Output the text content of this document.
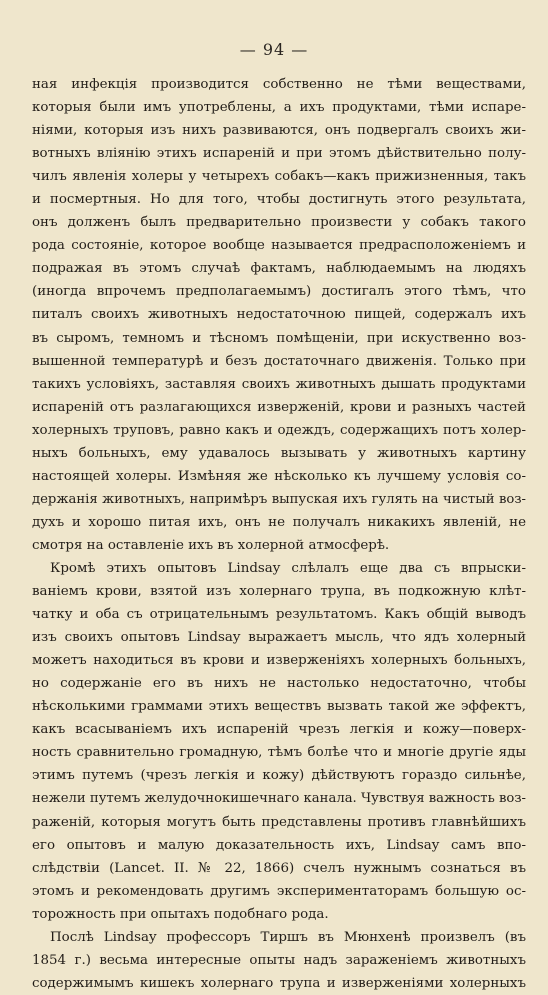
— 94 —
ная инфекція производится собственно не тѣми веществами,
которыя были имъ употреблены, а ихъ продуктами, тѣми испаре-
ніями, которыя изъ нихъ развиваются, онъ подвергалъ своихъ жи-
вотныхъ вліянію этихъ испареній и при этомъ дѣйствительно полу-
чилъ явленія холеры у четырехъ собакъ—какъ прижизненныя, такъ
и посмертныя. Но для того, чтобы достигнуть этого результата,
онъ долженъ былъ предварительно произвести у собакъ такого
рода состояніе, которое вообще называется предрасположеніемъ и
подражая въ этомъ случаѣ фактамъ, наблюдаемымъ на людяхъ
(иногда впрочемъ предполагаемымъ) достигалъ этого тѣмъ, что
питалъ своихъ животныхъ недостаточною пищей, содержалъ ихъ
въ сыромъ, темномъ и тѣсномъ помѣщеніи, при искуственно воз-
вышенной температурѣ и безъ достаточнаго движенія. Только при
такихъ условіяхъ, заставляя своихъ животныхъ дышать продуктами
испареній отъ разлагающихся изверженій, крови и разныхъ частей
холерныхъ труповъ, равно какъ и одеждъ, содержащихъ потъ холер-
ныхъ больныхъ, ему удавалось вызывать у животныхъ картину
настоящей холеры. Измѣняя же нѣсколько къ лучшему условія со-
держанія животныхъ, напримѣръ выпуская ихъ гулять на чистый воз-
духъ и хорошо питая ихъ, онъ не получалъ никакихъ явленій, не
смотря на оставленіе ихъ въ холерной атмосферѣ.
Кромѣ этихъ опытовъ Lindsay слѣлалъ еще два съ впрыски-
ваніемъ крови, взятой изъ холернаго трупа, въ подкожную клѣт-
чатку и оба съ отрицательнымъ результатомъ. Какъ общій выводъ
изъ своихъ опытовъ Lindsay выражаетъ мысль, что ядъ холерный
можетъ находиться въ крови и изверженіяхъ холерныхъ больныхъ,
но содержаніе его въ нихъ не настолько недостаточно, чтобы
нѣсколькими граммами этихъ веществъ вызвать такой же эффектъ,
какъ всасываніемъ ихъ испареній чрезъ легкія и кожу—поверх-
ность сравнительно громадную, тѣмъ болѣе что и многіе другіе яды
этимъ путемъ (чрезъ легкія и кожу) дѣйствуютъ гораздо сильнѣе,
нежели путемъ желудочнокишечнаго канала. Чувствуя важность воз-
раженій, которыя могутъ быть представлены противъ главнѣйшихъ
его опытовъ и малую доказательность ихъ, Lindsay самъ впо-
слѣдствіи (Lancet. II. № 22, 1866) счелъ нужнымъ сознаться въ
этомъ и рекомендовать другимъ экспериментаторамъ большую ос-
торожность при опытахъ подобнаго рода.
Послѣ Lindsay профессоръ Тиршъ въ Мюнхенѣ произвелъ (въ
1854 г.) весьма интересные опыты надъ зараженіемъ животныхъ
содержимымъ кишекъ холернаго трупа и изверженіями холерныхъ
